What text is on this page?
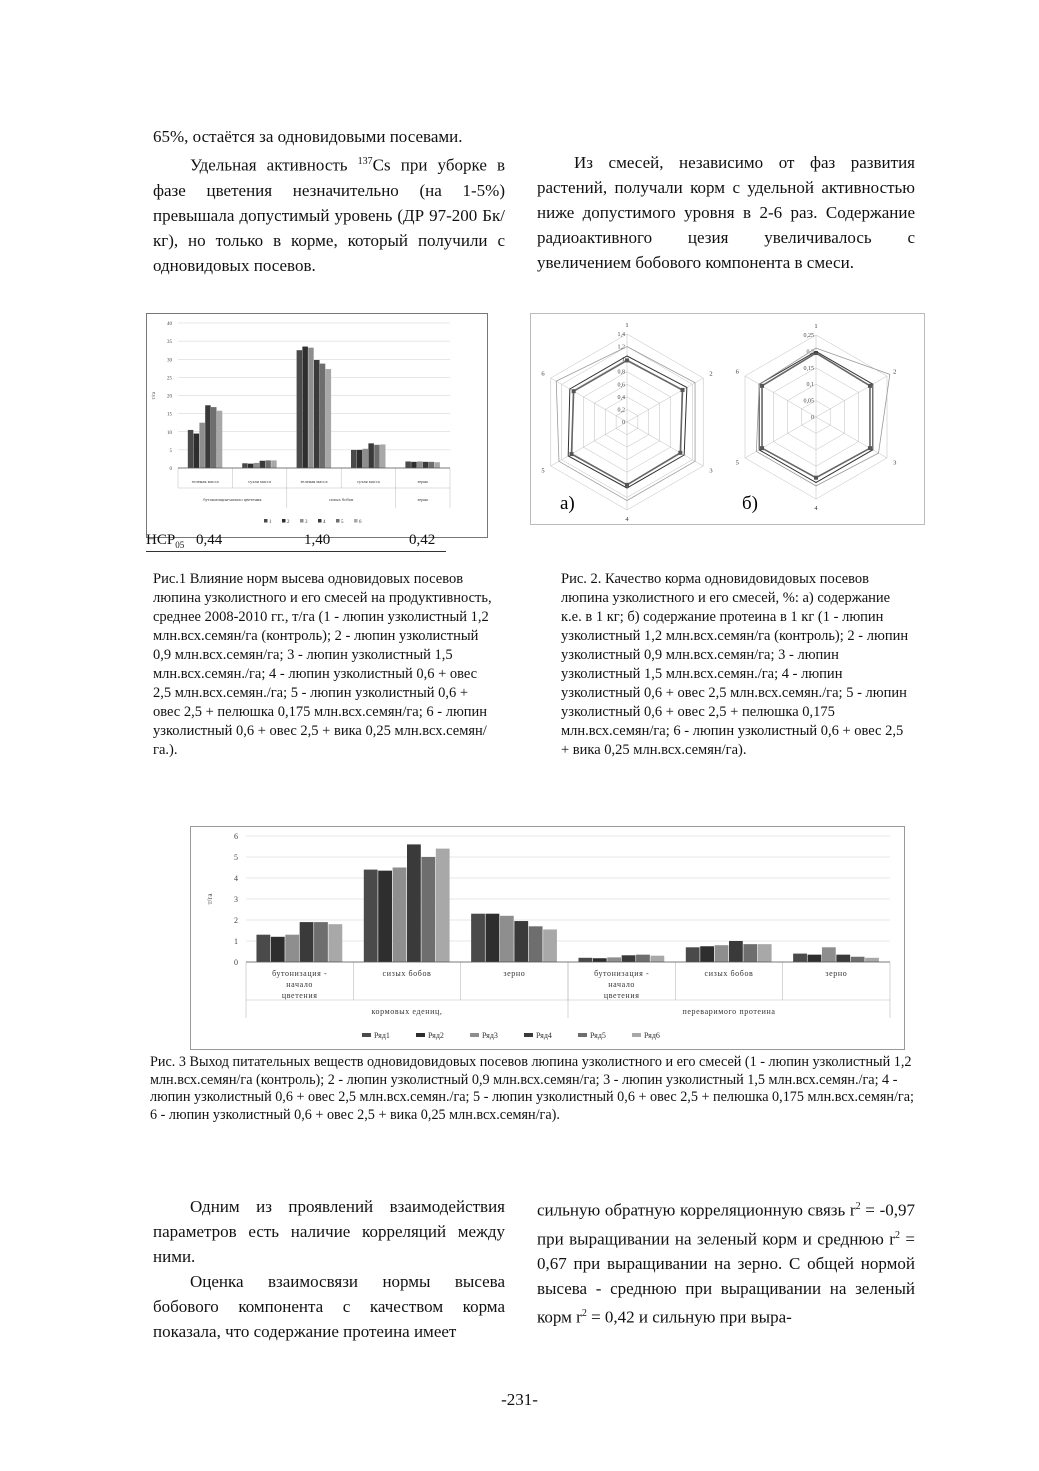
65%, остаётся за одновидовыми посевами.

Удельная активность $^{137}$Cs при уборке в фазе цветения незначительно (на 1-5%) превышала допустимый уровень (ДР 97-200 Бк/кг), но только в корме, который получили с одновидовых посевов.

Из смесей, независимо от фаз развития растений, получали корм с удельной активностью ниже допустимого уровня в 2-6 раз. Содержание радиоактивного цезия увеличивалось с увеличением бобового компонента в смеси.

0
5
10
15
20
25
30
35
40
т/га
зеленая масса	сухая масса	зеленая масса	сухая масса	зерно
бутонизация-начало цветения	сизых бобов	зерно
1	2	3	4	5	6
$НСР_{05}$ 0,44	1,40	0,42

Рис.1 Влияние норм высева одновидовых посевов люпина узколистного и его смесей на продуктивность, среднее 2008-2010 гг., т/га (1 - люпин узколистный 1,2 млн.всх.семян/га (контроль); 2 - люпин узколистный 0,9 млн.всх.семян/га; 3 - люпин узколистный 1,5 млн.всх.семян./га; 4 - люпин узколистный 0,6 + овес 2,5 млн.всх.семян./га; 5 - люпин узколистный 0,6 + овес 2,5 + пелюшка 0,175 млн.всх.семян/га; 6 - люпин узколистный 0,6 + овес 2,5 + вика 0,25 млн.всх.семян/га.).

1
2
3
4
5
6
1,4
1,2
1
0,8
0,6
0,4
0,2
0
1
2
3
4
5
6
0,25
0,2
0,15
0,1
0,05
0
а)	б)

Рис. 2. Качество корма одновидовидовых посевов люпина узколистного и его смесей, %: а) содержание к.е. в 1 кг; б) содержание протеина в 1 кг (1 - люпин узколистный 1,2 млн.всх.семян/га (контроль); 2 - люпин узколистный 0,9 млн.всх.семян/га; 3 - люпин узколистный 1,5 млн.всх.семян./га; 4 - люпин узколистный 0,6 + овес 2,5 млн.всх.семян./га; 5 - люпин узколистный 0,6 + овес 2,5 + пелюшка 0,175 млн.всх.семян/га; 6 - люпин узколистный 0,6 + овес 2,5 + вика 0,25 млн.всх.семян/га).

0
1
2
3
4
5
6
т/га
бутонизация -
начало
цветения
сизых бобов	зерно	бутонизация -
начало
цветения
сизых бобов	зерно
кормовых едениц,	переваримого протеина
Ряд1	Ряд2	Ряд3	Ряд4	Ряд5	Ряд6

Рис. 3 Выход питательных веществ одновидовидовых посевов люпина узколистного и его смесей (1 - люпин узколистный 1,2 млн.всх.семян/га (контроль); 2 - люпин узколистный 0,9 млн.всх.семян/га; 3 - люпин узколистный 1,5 млн.всх.семян./га; 4 - люпин узколистный 0,6 + овес 2,5 млн.всх.семян./га; 5 - люпин узколистный 0,6 + овес 2,5 + пелюшка 0,175 млн.всх.семян/га; 6 - люпин узколистный 0,6 + овес 2,5 + вика 0,25 млн.всх.семян/га).

Одним из проявлений взаимодействия параметров есть наличие корреляций между ними.

Оценка взаимосвязи нормы высева бобового компонента с качеством корма показала, что содержание протеина имеет

сильную обратную корреляционную связь $r^2 = -0,97$ при выращивании на зеленый корм и среднюю $r^2 = 0,67$ при выращивании на зерно. С общей нормой высева - среднюю при выращивании на зеленый корм $r^2 = 0,42$ и сильную при выра-

-231-
